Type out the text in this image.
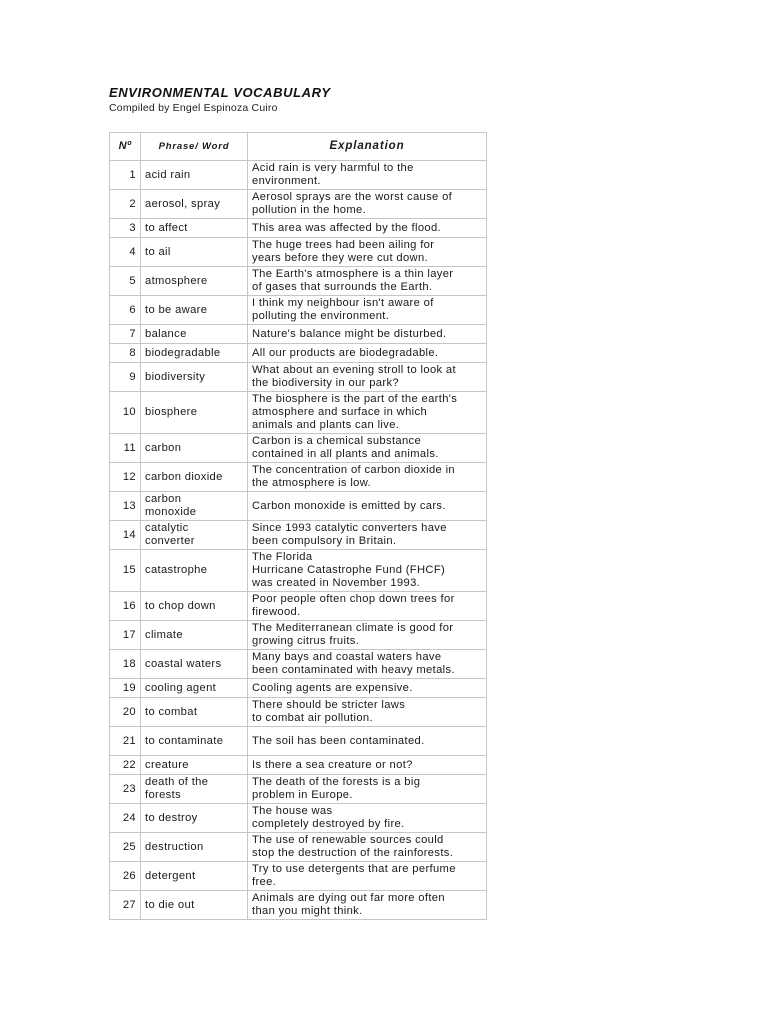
ENVIRONMENTAL VOCABULARY
Compiled by Engel Espinoza Cuiro
Nº	Phrase/ Word	Explanation
1	acid rain	Acid rain is very harmful to the
environment.

2	aerosol, spray	Aerosol sprays are the worst cause of
pollution in the home.

3	to affect	This area was affected by the flood.

4	to ail	The huge trees had been ailing for
years before they were cut down.

5	atmosphere	The Earth's atmosphere is a thin layer
of gases that surrounds the Earth.

6	to be aware	I think my neighbour isn't aware of
polluting the environment.

7	balance	Nature's balance might be disturbed.

8	biodegradable	All our products are biodegradable.

9	biodiversity	What about an evening stroll to look at
the biodiversity in our park?

10	biosphere	The biosphere is the part of the earth's
atmosphere and surface in which
animals and plants can live.

11	carbon	Carbon is a chemical substance
contained in all plants and animals.

12	carbon dioxide	The concentration of carbon dioxide in
the atmosphere is low.

13	carbon
monoxide	Carbon monoxide is emitted by cars.

14	catalytic
converter	Since 1993 catalytic converters have
been compulsory in Britain.

15	catastrophe	The Florida
Hurricane Catastrophe Fund (FHCF)
was created in November 1993.

16	to chop down	Poor people often chop down trees for
firewood.

17	climate	The Mediterranean climate is good for
growing citrus fruits.

18	coastal waters	Many bays and coastal waters have
been contaminated with heavy metals.

19	cooling agent	Cooling agents are expensive.

20	to combat	There should be stricter laws
to combat air pollution.

21	to contaminate	The soil has been contaminated.

22	creature	Is there a sea creature or not?

23	death of the
forests	The death of the forests is a big
problem in Europe.

24	to destroy	The house was
completely destroyed by fire.

25	destruction	The use of renewable sources could
stop the destruction of the rainforests.

26	detergent	Try to use detergents that are perfume
free.

27	to die out	Animals are dying out far more often
than you might think.
